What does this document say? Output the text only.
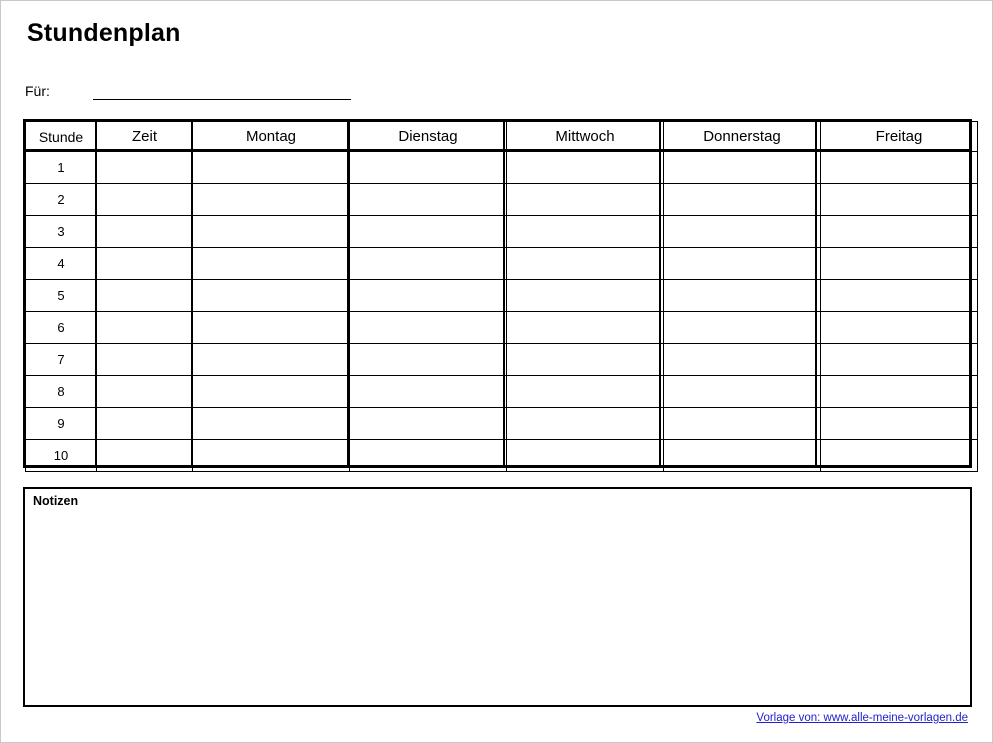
Stundenplan
Für:
Stunde	Zeit	Montag	Dienstag	Mittwoch	Donnerstag	Freitag
1						
2						
3						
4						
5						
6						
7						
8						
9						
10						
Notizen
Vorlage von: www.alle-meine-vorlagen.de
